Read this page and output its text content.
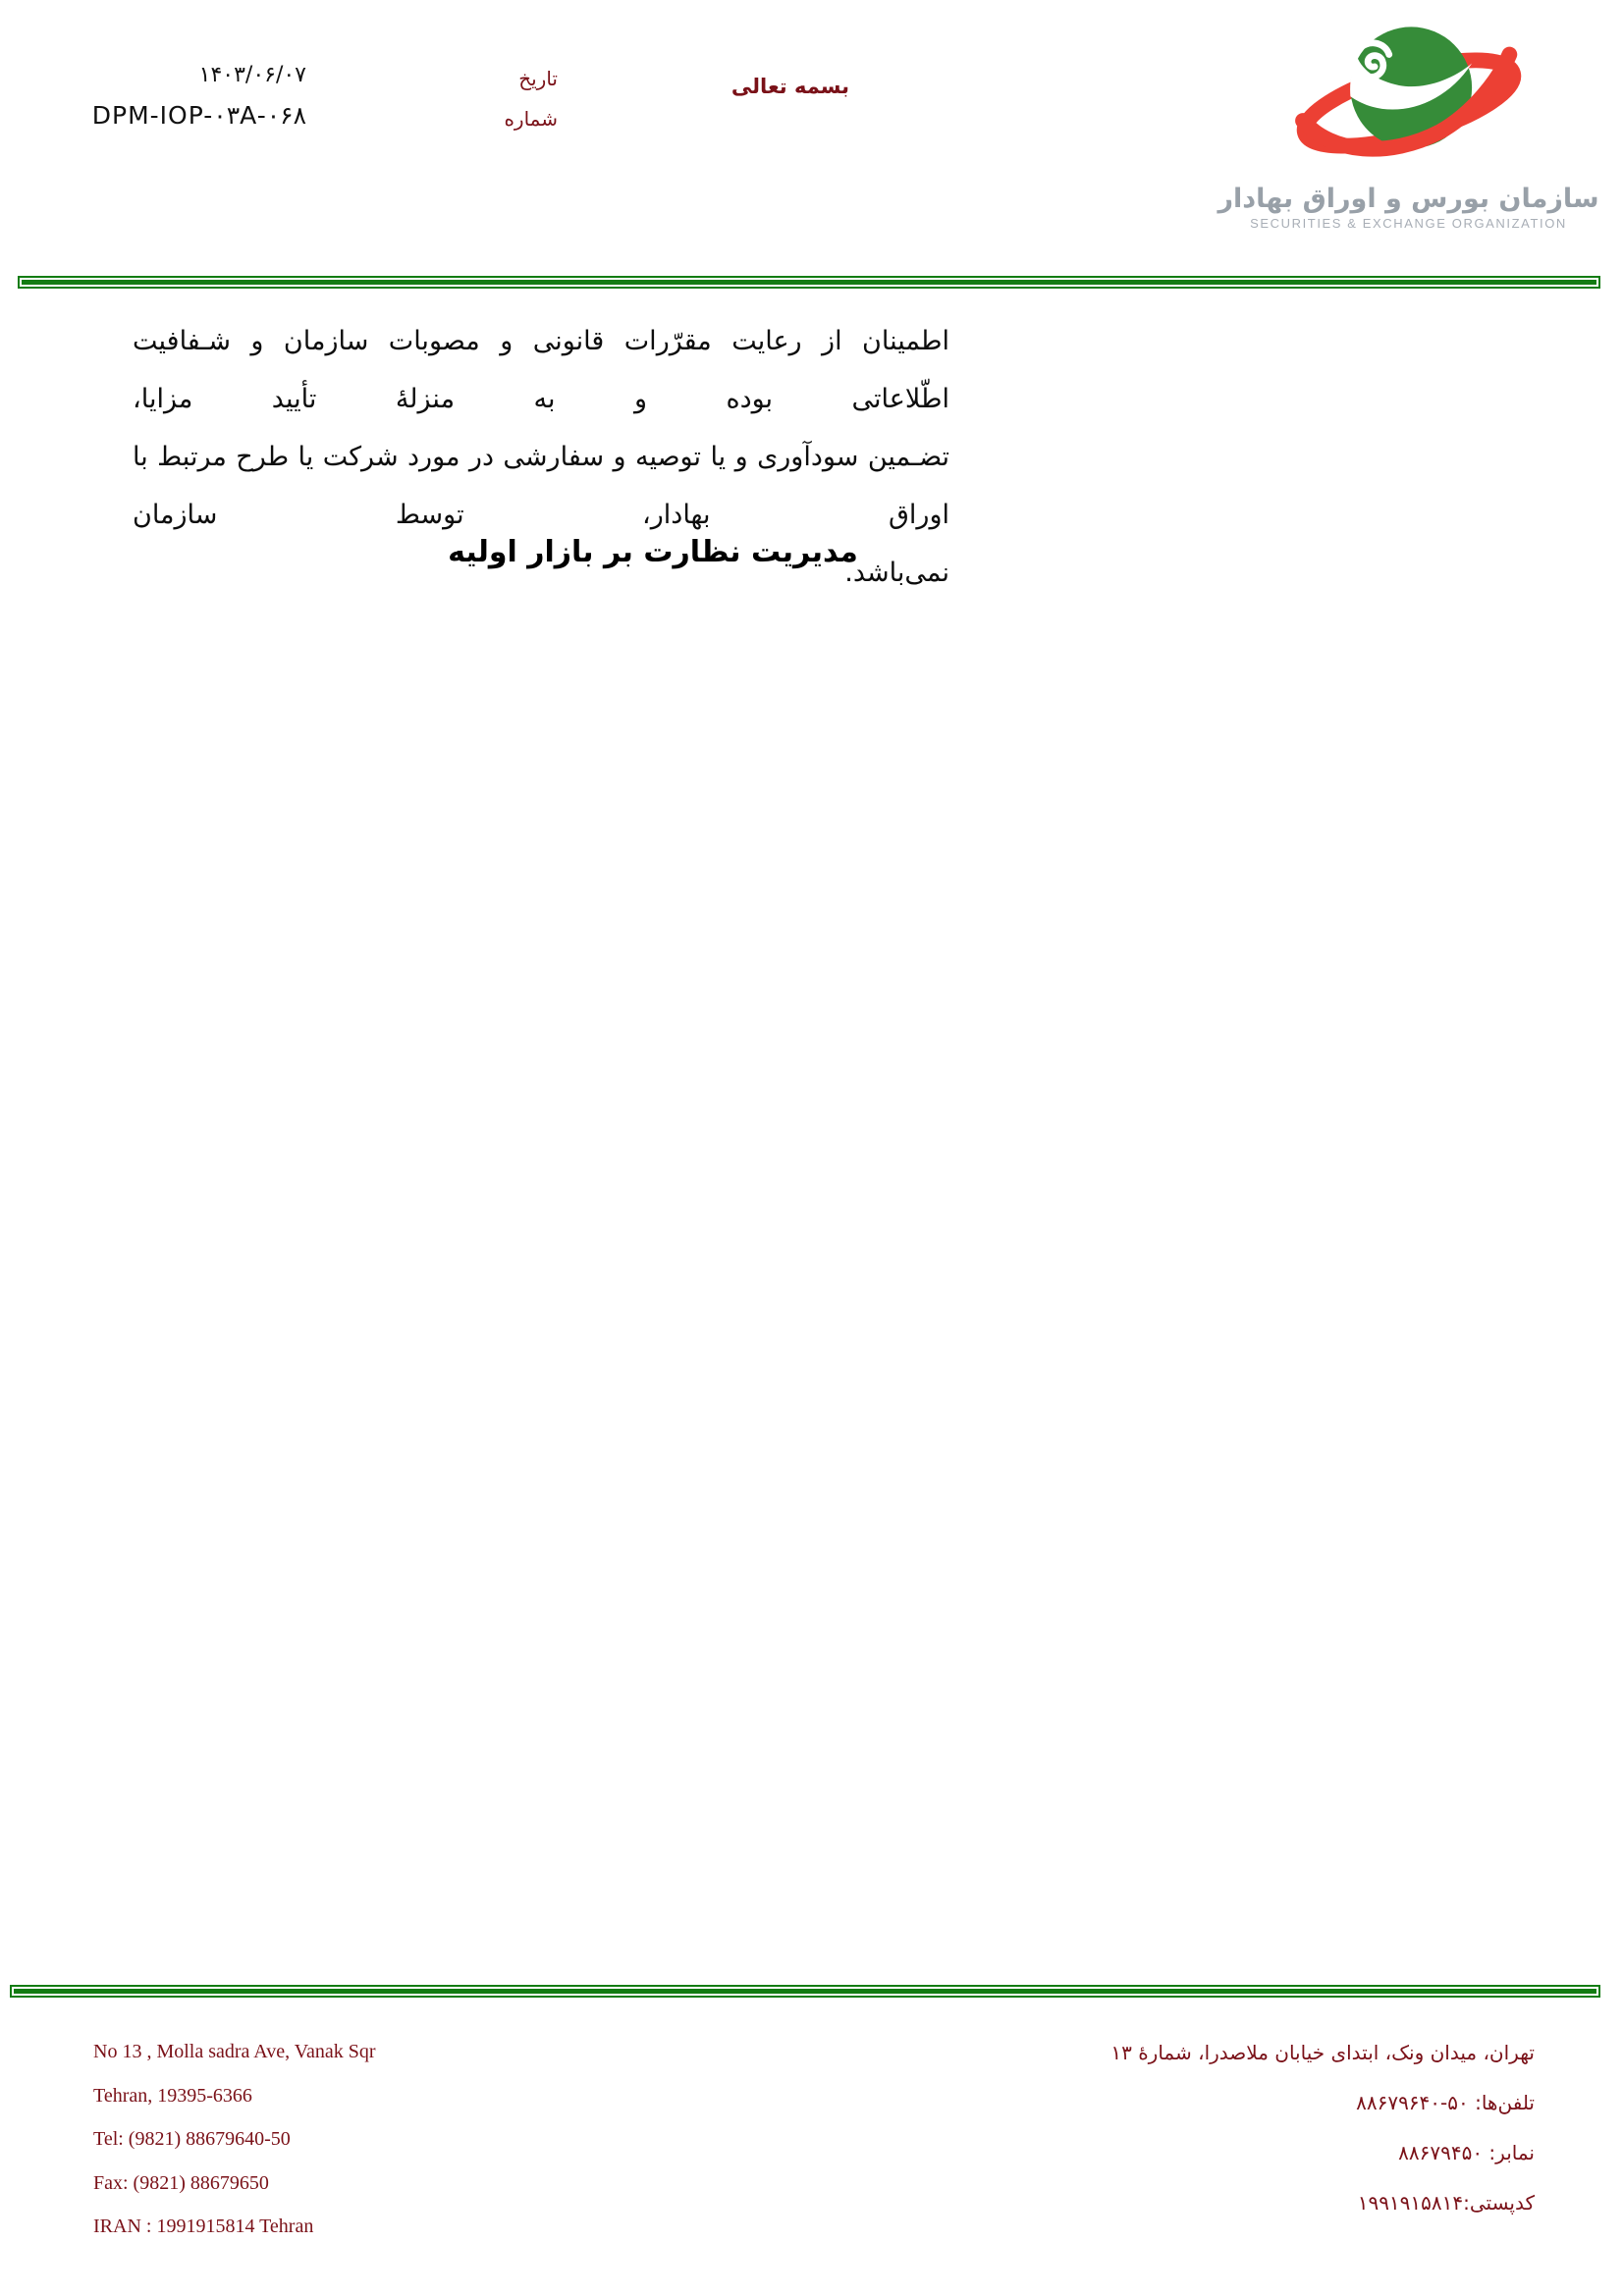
۱۴۰۳/۰۶/۰۷
DPM-IOP-۰۳A-۰۶۸
تاریخ
شماره
بسمه تعالی
سازمان بورس و اوراق بهادار
SECURITIES & EXCHANGE ORGANIZATION
اطمینان از رعایت مقرّرات قانونی و مصوبات سازمان و شـفافیت اطّلاعاتی بوده و به منزلۀ تأیید مزایا،
تضـمین سودآوری و یا توصیه و سفارشی در مورد شرکت یا طرح مرتبط با اوراق بهادار، توسط سازمان
نمی‌باشد.
مدیریت نظارت بر بازار اولیه
No 13 , Molla sadra Ave, Vanak Sqr
Tehran, 19395-6366
Tel: (9821) 88679640-50
Fax: (9821) 88679650
IRAN : 1991915814 Tehran
تهران، میدان ونک، ابتدای خیابان ملاصدرا، شمارۀ ۱۳
تلفن‌ها: ۵۰-۸۸۶۷۹۶۴۰
نمابر: ۸۸۶۷۹۴۵۰
کدپستی:۱۹۹۱۹۱۵۸۱۴
